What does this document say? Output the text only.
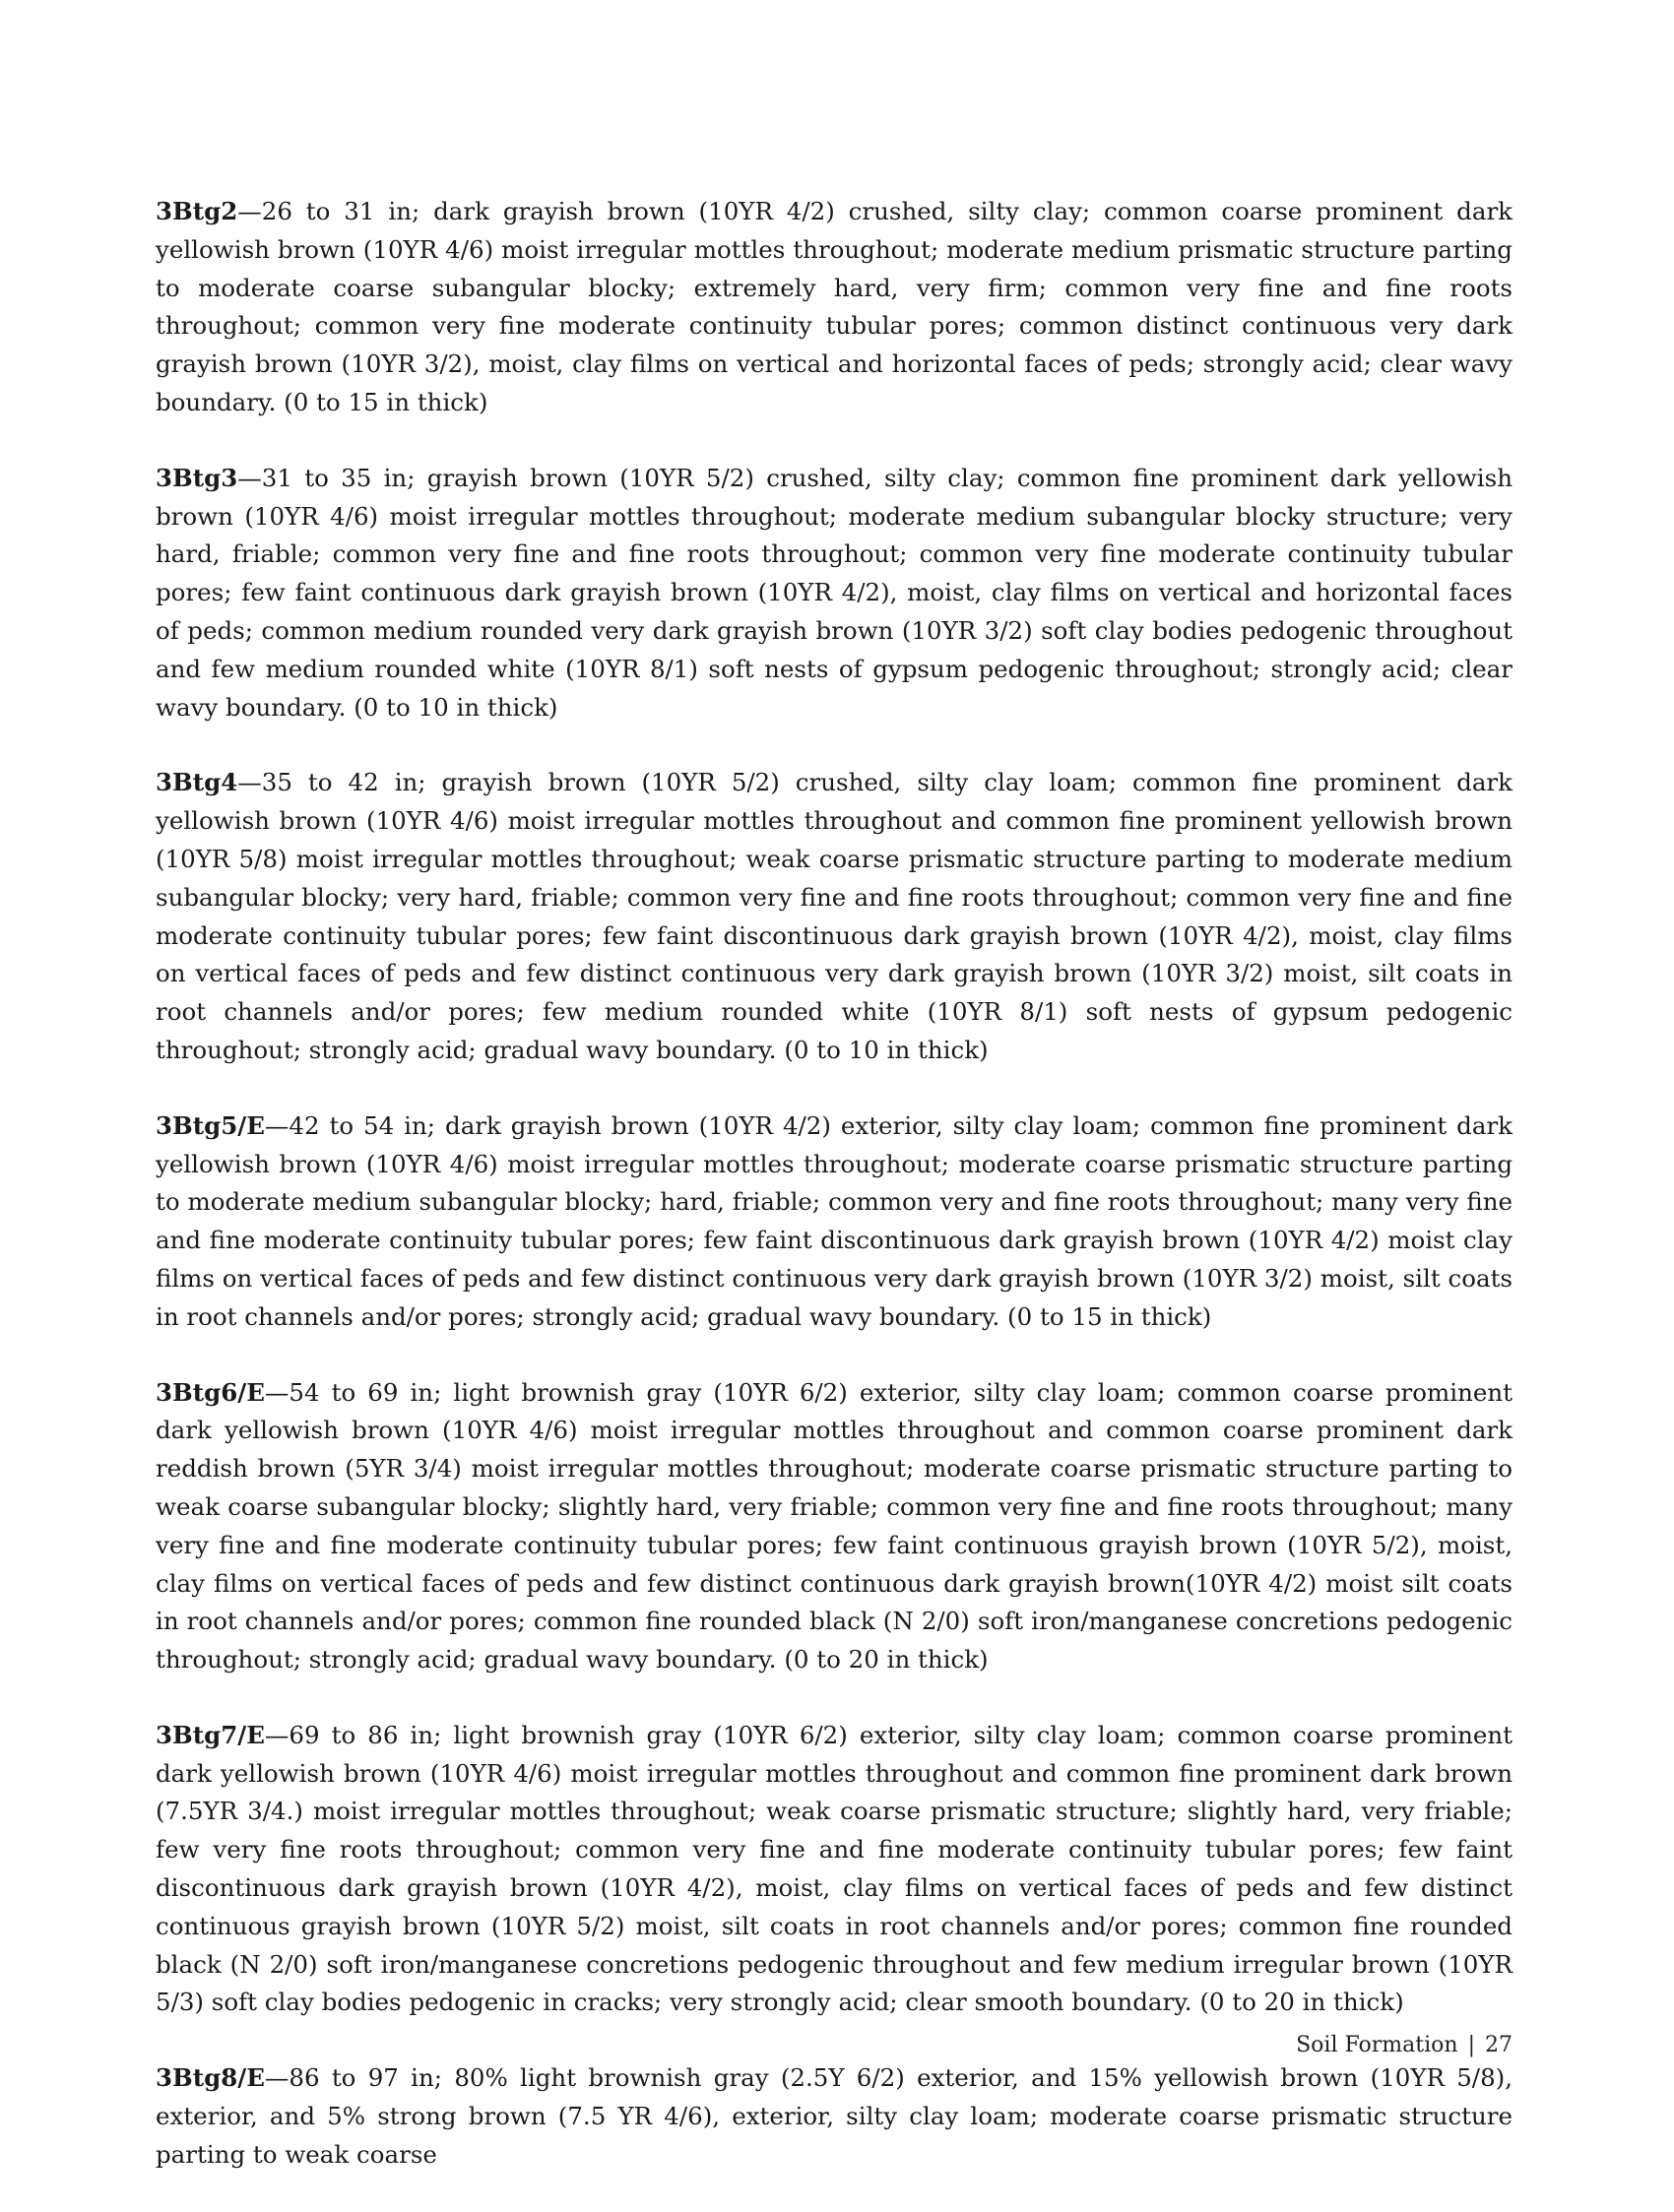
3Btg2—26 to 31 in; dark grayish brown (10YR 4/2) crushed, silty clay; common coarse prominent dark yellowish brown (10YR 4/6) moist irregular mottles throughout; moderate medium prismatic structure parting to moderate coarse subangular blocky; extremely hard, very firm; common very fine and fine roots throughout; common very fine moderate continuity tubular pores; common distinct continuous very dark grayish brown (10YR 3/2), moist, clay films on vertical and horizontal faces of peds; strongly acid; clear wavy boundary. (0 to 15 in thick)

3Btg3—31 to 35 in; grayish brown (10YR 5/2) crushed, silty clay; common fine prominent dark yellowish brown (10YR 4/6) moist irregular mottles throughout; moderate medium subangular blocky structure; very hard, friable; common very fine and fine roots throughout; common very fine moderate continuity tubular pores; few faint continuous dark grayish brown (10YR 4/2), moist, clay films on vertical and horizontal faces of peds; common medium rounded very dark grayish brown (10YR 3/2) soft clay bodies pedogenic throughout and few medium rounded white (10YR 8/1) soft nests of gypsum pedogenic throughout; strongly acid; clear wavy boundary. (0 to 10 in thick)

3Btg4—35 to 42 in; grayish brown (10YR 5/2) crushed, silty clay loam; common fine prominent dark yellowish brown (10YR 4/6) moist irregular mottles throughout and common fine prominent yellowish brown (10YR 5/8) moist irregular mottles throughout; weak coarse prismatic structure parting to moderate medium subangular blocky; very hard, friable; common very fine and fine roots throughout; common very fine and fine moderate continuity tubular pores; few faint discontinuous dark grayish brown (10YR 4/2), moist, clay films on vertical faces of peds and few distinct continuous very dark grayish brown (10YR 3/2) moist, silt coats in root channels and/or pores; few medium rounded white (10YR 8/1) soft nests of gypsum pedogenic throughout; strongly acid; gradual wavy boundary. (0 to 10 in thick)

3Btg5/E—42 to 54 in; dark grayish brown (10YR 4/2) exterior, silty clay loam; common fine prominent dark yellowish brown (10YR 4/6) moist irregular mottles throughout; moderate coarse prismatic structure parting to moderate medium subangular blocky; hard, friable; common very and fine roots throughout; many very fine and fine moderate continuity tubular pores; few faint discontinuous dark grayish brown (10YR 4/2) moist clay films on vertical faces of peds and few distinct continuous very dark grayish brown (10YR 3/2) moist, silt coats in root channels and/or pores; strongly acid; gradual wavy boundary. (0 to 15 in thick)

3Btg6/E—54 to 69 in; light brownish gray (10YR 6/2) exterior, silty clay loam; common coarse prominent dark yellowish brown (10YR 4/6) moist irregular mottles throughout and common coarse prominent dark reddish brown (5YR 3/4) moist irregular mottles throughout; moderate coarse prismatic structure parting to weak coarse subangular blocky; slightly hard, very friable; common very fine and fine roots throughout; many very fine and fine moderate continuity tubular pores; few faint continuous grayish brown (10YR 5/2), moist, clay films on vertical faces of peds and few distinct continuous dark grayish brown(10YR 4/2) moist silt coats in root channels and/or pores; common fine rounded black (N 2/0) soft iron/manganese concretions pedogenic throughout; strongly acid; gradual wavy boundary. (0 to 20 in thick)

3Btg7/E—69 to 86 in; light brownish gray (10YR 6/2) exterior, silty clay loam; common coarse prominent dark yellowish brown (10YR 4/6) moist irregular mottles throughout and common fine prominent dark brown (7.5YR 3/4.) moist irregular mottles throughout; weak coarse prismatic structure; slightly hard, very friable; few very fine roots throughout; common very fine and fine moderate continuity tubular pores; few faint discontinuous dark grayish brown (10YR 4/2), moist, clay films on vertical faces of peds and few distinct continuous grayish brown (10YR 5/2) moist, silt coats in root channels and/or pores; common fine rounded black (N 2/0) soft iron/manganese concretions pedogenic throughout and few medium irregular brown (10YR 5/3) soft clay bodies pedogenic in cracks; very strongly acid; clear smooth boundary. (0 to 20 in thick)

3Btg8/E—86 to 97 in; 80% light brownish gray (2.5Y 6/2) exterior, and 15% yellowish brown (10YR 5/8), exterior, and 5% strong brown (7.5 YR 4/6), exterior, silty clay loam; moderate coarse prismatic structure parting to weak coarse

Soil Formation | 27
